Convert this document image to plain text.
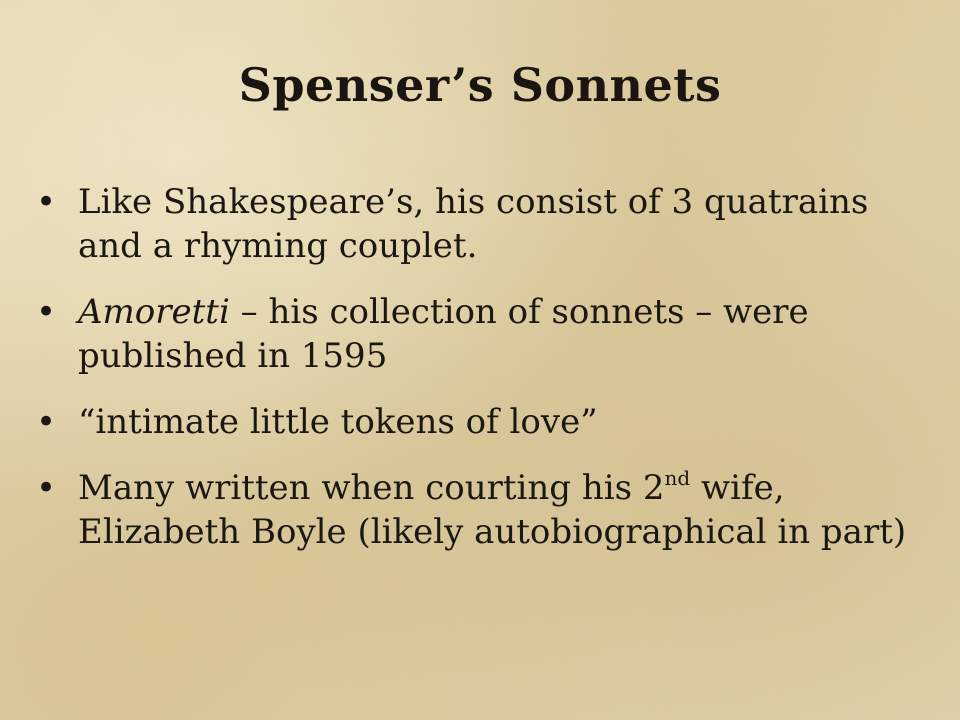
Spenser’s Sonnets
• Like Shakespeare’s, his consist of 3 quatrains and a rhyming couplet.
• Amoretti – his collection of sonnets – were published in 1595
• “intimate little tokens of love”
• Many written when courting his 2nd wife, Elizabeth Boyle (likely autobiographical in part)
